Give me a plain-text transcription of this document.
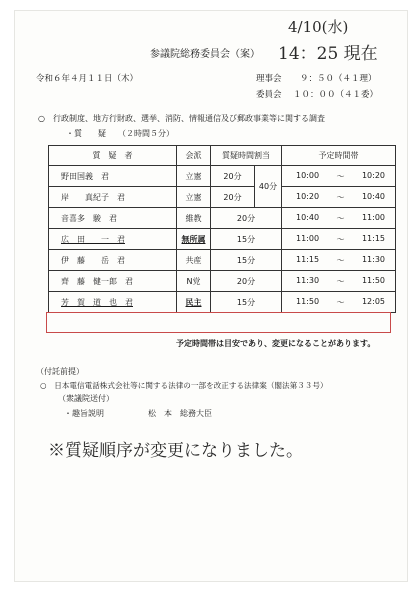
4/10(水)
14：25 現在
参議院総務委員会（案）
令和６年４月１１日（木）	理事会 ９：５０（４１理）
委員会 １０：００（４１委）
○　行政制度、地方行財政、選挙、消防、情報通信及び郵政事業等に関する調査
・質　　疑　　（２時間５分）
質　疑　者	会派	質疑時間割当		予定時間帯
野田国義　君	立憲	20分	40分	10:00 〜 10:20

岸　　真紀子　君	立憲	20分		10:20 〜 10:40

音喜多　駿　君	維教	20分		10:40 〜 11:00

広　田　　一　君	無所属	15分		11:00 〜 11:15

伊　藤　　岳　君	共産	15分		11:15 〜 11:30

齊　藤　健一郎　君	N党	20分		11:30 〜 11:50

芳　賀　道　也　君	民主	15分		11:50 〜 12:05
予定時間帯は目安であり、変更になることがあります。
（付託前提）
○　日本電信電話株式会社等に関する法律の一部を改正する法律案（閣法第３３号）
（衆議院送付）
・趣旨説明	松　本　総務大臣
※質疑順序が変更になりました。
